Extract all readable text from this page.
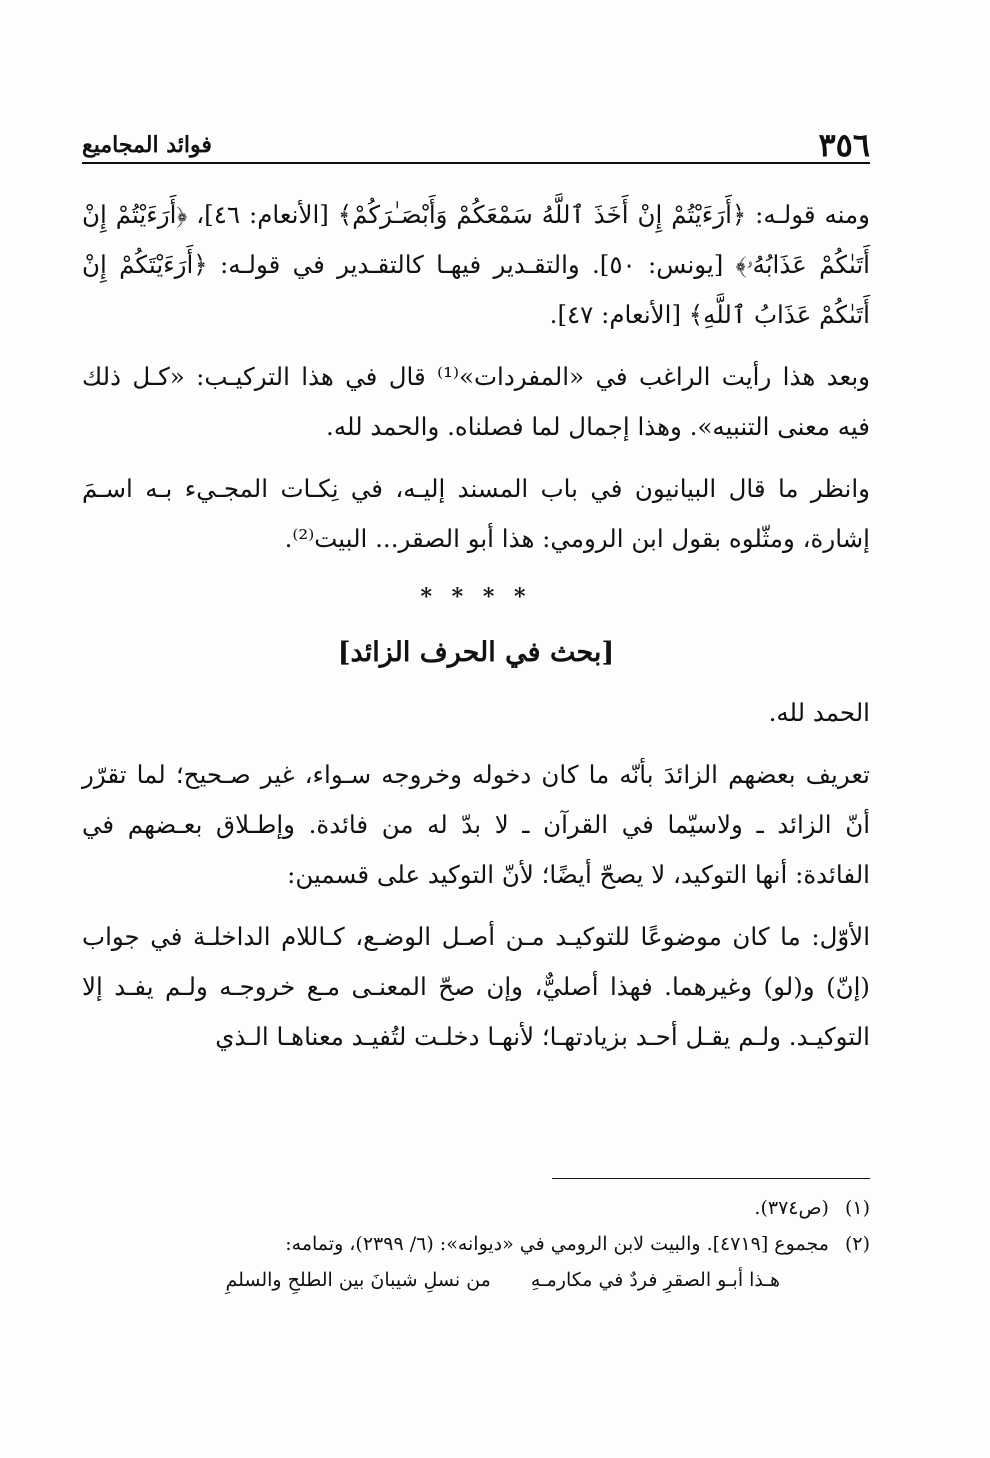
٣٥٦
فوائد المجاميع

ومنه قولـه: ﴿أَرَءَيْتُمْ إِنْ أَخَذَ ٱللَّهُ سَمْعَكُمْ وَأَبْصَـٰرَكُمْ﴾ [الأنعام: ٤٦]، ﴿أَرَءَيْتُمْ إِنْ أَتَىٰكُمْ عَذَابُهُۥ﴾ [يونس: ٥٠]. والتقـدير فيهـا كالتقـدير في قولـه: ﴿أَرَءَيْتَكُمْ إِنْ أَتَىٰكُمْ عَذَابُ ٱللَّهِ﴾ [الأنعام: ٤٧].

وبعد هذا رأيت الراغب في «المفردات»⁽¹⁾ قال في هذا التركيـب: «كـل ذلك فيه معنى التنبيه». وهذا إجمال لما فصلناه. والحمد لله.

وانظر ما قال البيانيون في باب المسند إليـه، في نِكـات المجـيء بـه اسـمَ إشارة، ومثّلوه بقول ابن الرومي: هذا أبو الصقر... البيت⁽²⁾.

* * * *

[بحث في الحرف الزائد]

الحمد لله.

تعريف بعضهم الزائدَ بأنّه ما كان دخوله وخروجه سـواء، غير صـحيح؛ لما تقرّر أنّ الزائد ـ ولاسيّما في القرآن ـ لا بدّ له من فائدة. وإطـلاق بعـضهم في الفائدة: أنها التوكيد، لا يصحّ أيضًا؛ لأنّ التوكيد على قسمين:

الأوّل: ما كان موضوعًا للتوكيـد مـن أصـل الوضـع، كـاللام الداخلـة في جواب (إنّ) و(لو) وغيرهما. فهذا أصليٌّ، وإن صحّ المعنـى مـع خروجـه ولـم يفـد إلا التوكيـد. ولـم يقـل أحـد بزيادتهـا؛ لأنهـا دخلـت لتُفيـد معناهـا الـذي

(١) (ص٣٧٤).

(٢) مجموع [٤٧١٩]. والبيت لابن الرومي في «ديوانه»: (٦/ ٢٣٩٩)، وتمامه:

هـذا أبـو الصقرِ فردٌ في مكارمـهِ
من نسلِ شيبانَ بين الطلحِ والسلمِ
